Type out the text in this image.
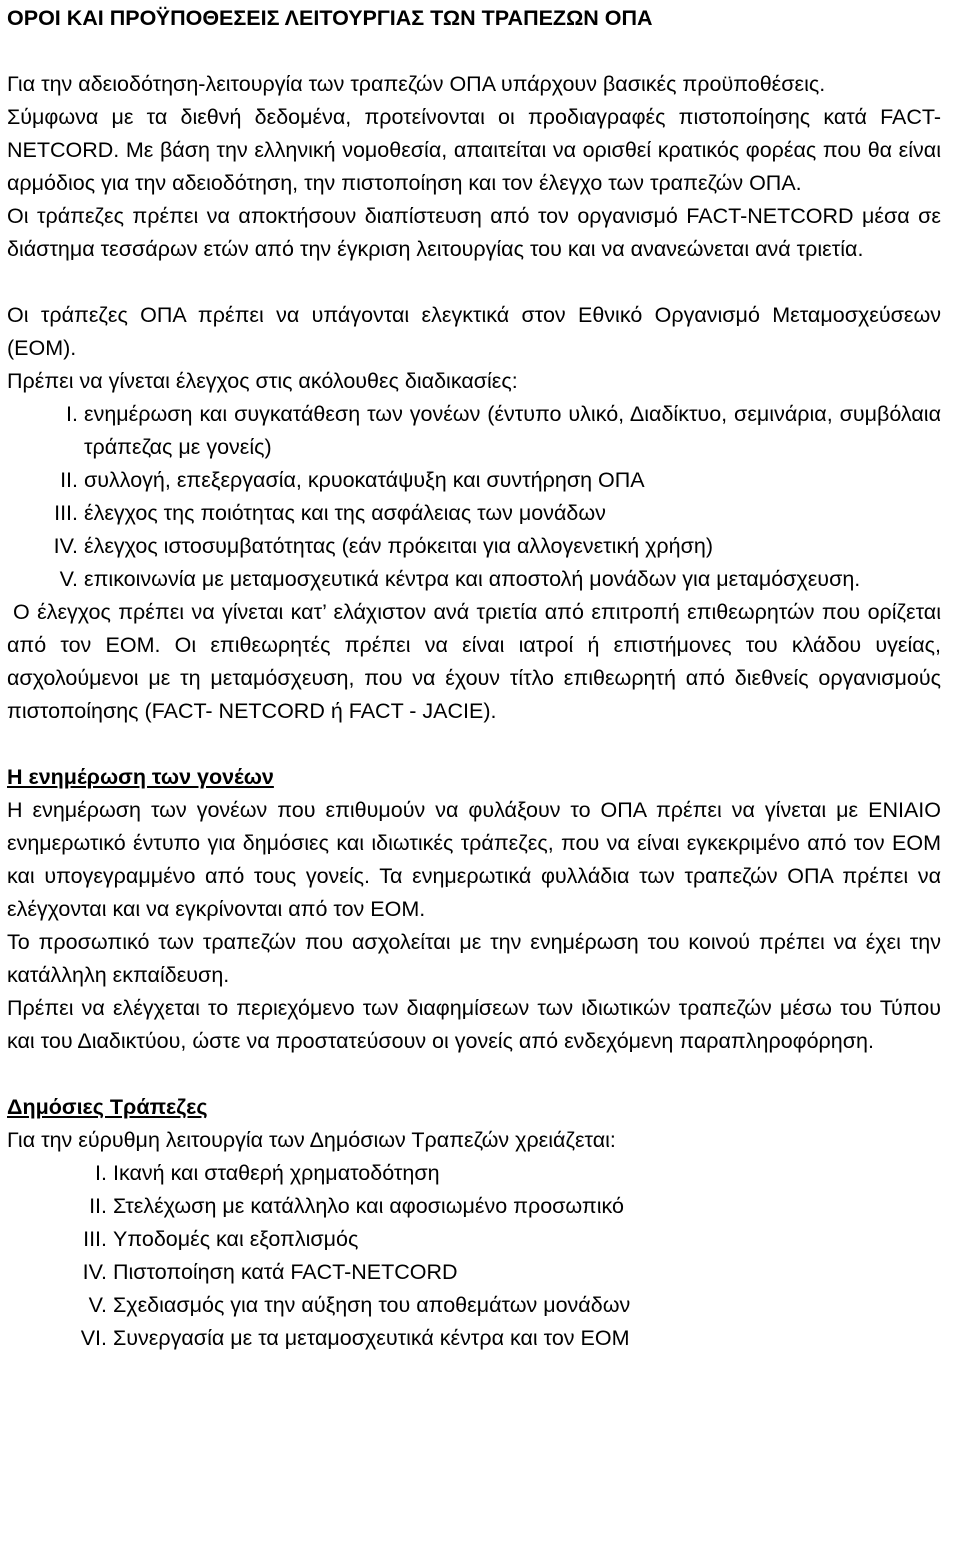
ΟΡΟΙ ΚΑΙ ΠΡΟΫΠΟΘΕΣΕΙΣ ΛΕΙΤΟΥΡΓΙΑΣ ΤΩΝ ΤΡΑΠΕΖΩΝ ΟΠΑ

Για την αδειοδότηση-λειτουργία των τραπεζών ΟΠΑ υπάρχουν βασικές προϋποθέσεις.

Σύμφωνα με τα διεθνή δεδομένα, προτείνονται οι προδιαγραφές πιστοποίησης κατά FACT-NETCORD. Με βάση την ελληνική νομοθεσία, απαιτείται να ορισθεί κρατικός φορέας που θα είναι αρμόδιος για την αδειοδότηση, την πιστοποίηση και τον έλεγχο των τραπεζών ΟΠΑ.

Οι τράπεζες πρέπει να αποκτήσουν διαπίστευση από τον οργανισμό FACT-NETCORD μέσα σε διάστημα τεσσάρων ετών από την έγκριση λειτουργίας του και να ανανεώνεται ανά τριετία.

Οι τράπεζες ΟΠΑ πρέπει να υπάγονται ελεγκτικά στον Εθνικό Οργανισμό Μεταμοσχεύσεων (ΕΟΜ).

Πρέπει να γίνεται έλεγχος στις ακόλουθες διαδικασίες:

I. ενημέρωση και συγκατάθεση των γονέων (έντυπο υλικό, Διαδίκτυο, σεμινάρια, συμβόλαια τράπεζας με γονείς)
II. συλλογή, επεξεργασία, κρυοκατάψυξη και συντήρηση ΟΠΑ
III. έλεγχος της ποιότητας και της ασφάλειας των μονάδων
IV. έλεγχος ιστοσυμβατότητας (εάν πρόκειται για αλλογενετική χρήση)
V. επικοινωνία με μεταμοσχευτικά κέντρα και αποστολή μονάδων για μεταμόσχευση.

Ο έλεγχος πρέπει να γίνεται κατ’ ελάχιστον ανά τριετία από επιτροπή επιθεωρητών που ορίζεται από τον ΕΟΜ. Οι επιθεωρητές πρέπει να είναι ιατροί ή επιστήμονες του κλάδου υγείας, ασχολούμενοι με τη μεταμόσχευση, που να έχουν τίτλο επιθεωρητή από διεθνείς οργανισμούς πιστοποίησης (FACT- NETCORD ή FACT - JACIE).

Η ενημέρωση των γονέων

Η ενημέρωση των γονέων που επιθυμούν να φυλάξουν το ΟΠΑ πρέπει να γίνεται με ΕΝΙΑΙΟ ενημερωτικό έντυπο για δημόσιες και ιδιωτικές τράπεζες, που να είναι εγκεκριμένο από τον ΕΟΜ και υπογεγραμμένο από τους γονείς. Τα ενημερωτικά φυλλάδια των τραπεζών ΟΠΑ πρέπει να ελέγχονται και να εγκρίνονται από τον ΕΟΜ.

Το προσωπικό των τραπεζών που ασχολείται με την ενημέρωση του κοινού πρέπει να έχει την κατάλληλη εκπαίδευση.

Πρέπει να ελέγχεται το περιεχόμενο των διαφημίσεων των ιδιωτικών τραπεζών μέσω του Τύπου και του Διαδικτύου, ώστε να προστατεύσουν οι γονείς από ενδεχόμενη παραπληροφόρηση.

Δημόσιες Τράπεζες

Για την εύρυθμη λειτουργία των Δημόσιων Τραπεζών χρειάζεται:

I. Ικανή και σταθερή χρηματοδότηση
II. Στελέχωση με κατάλληλο και αφοσιωμένο προσωπικό
III. Υποδομές και εξοπλισμός
IV. Πιστοποίηση κατά FACT-NETCORD
V. Σχεδιασμός για την αύξηση του αποθεμάτων μονάδων
VI. Συνεργασία με τα μεταμοσχευτικά κέντρα και τον ΕΟΜ
